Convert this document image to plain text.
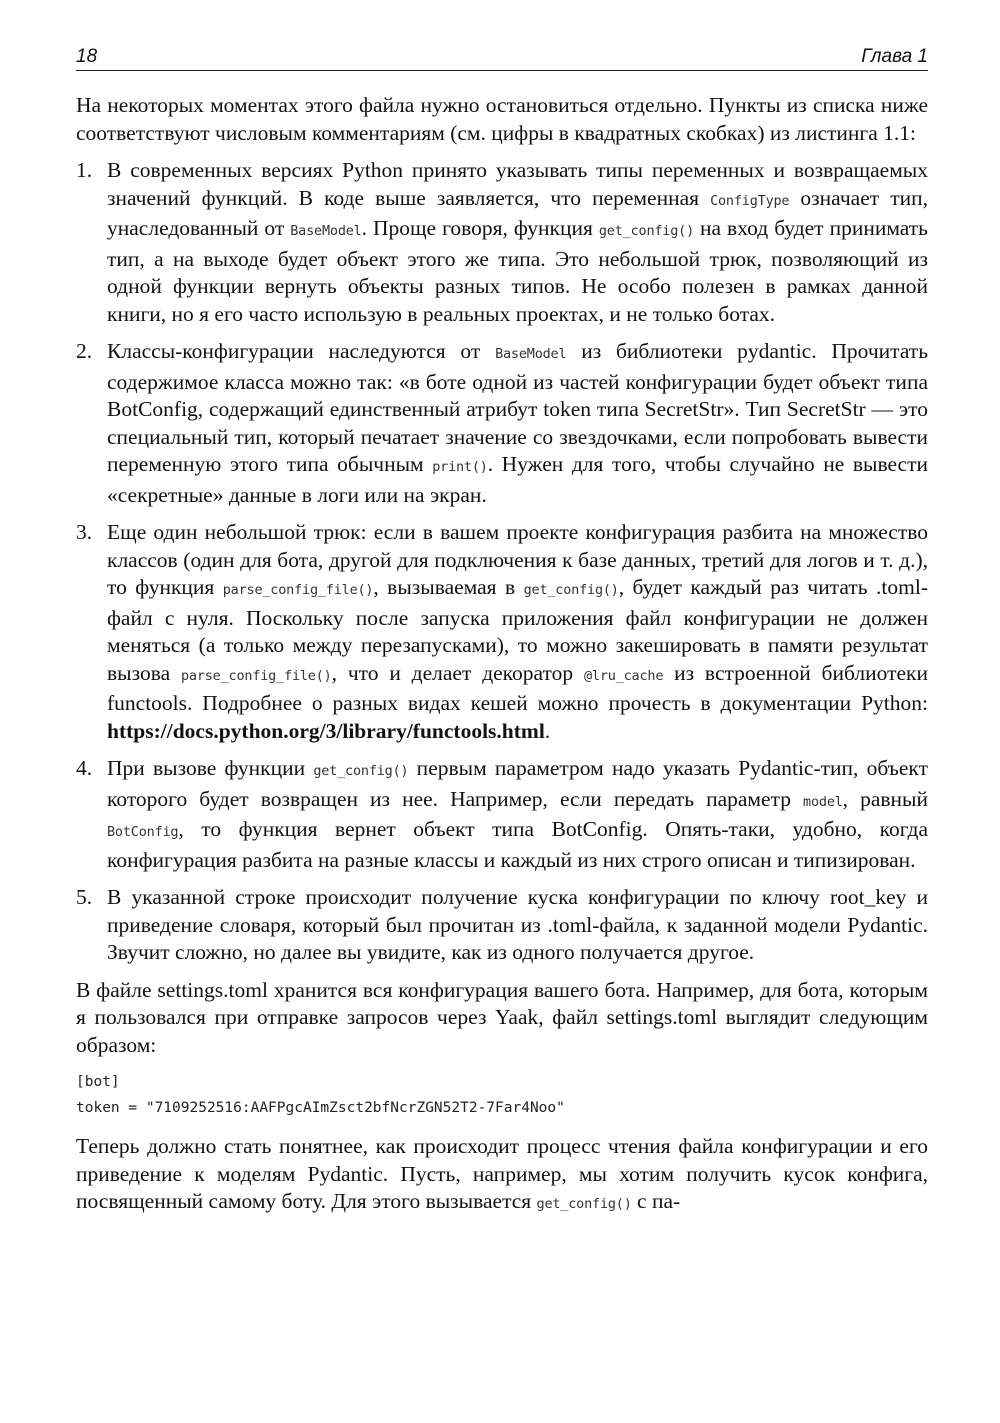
18	Глава 1

На некоторых моментах этого файла нужно остановиться отдельно. Пункты из списка ниже соответствуют числовым комментариям (см. цифры в квадратных скобках) из листинга 1.1:

1. В современных версиях Python принято указывать типы переменных и возвращаемых значений функций. В коде выше заявляется, что переменная ConfigType означает тип, унаследованный от BaseModel. Проще говоря, функция get_config() на вход будет принимать тип, а на выходе будет объект этого же типа. Это небольшой трюк, позволяющий из одной функции вернуть объекты разных типов. Не особо полезен в рамках данной книги, но я его часто использую в реальных проектах, и не только ботах.
2. Классы-конфигурации наследуются от BaseModel из библиотеки pydantic. Прочитать содержимое класса можно так: «в боте одной из частей конфигурации будет объект типа BotConfig, содержащий единственный атрибут token типа SecretStr». Тип SecretStr — это специальный тип, который печатает значение со звездочками, если попробовать вывести переменную этого типа обычным print(). Нужен для того, чтобы случайно не вывести «секретные» данные в логи или на экран.
3. Еще один небольшой трюк: если в вашем проекте конфигурация разбита на множество классов (один для бота, другой для подключения к базе данных, третий для логов и т. д.), то функция parse_config_file(), вызываемая в get_config(), будет каждый раз читать .toml-файл с нуля. Поскольку после запуска приложения файл конфигурации не должен меняться (а только между перезапусками), то можно закешировать в памяти результат вызова parse_config_file(), что и делает декоратор @lru_cache из встроенной библиотеки functools. Подробнее о разных видах кешей можно прочесть в документации Python: https://docs.python.org/3/​library/functools.html.
4. При вызове функции get_config() первым параметром надо указать Pydantic-тип, объект которого будет возвращен из нее. Например, если передать параметр model, равный BotConfig, то функция вернет объект типа BotConfig. Опять-таки, удобно, когда конфигурация разбита на разные классы и каждый из них строго описан и типизирован.
5. В указанной строке происходит получение куска конфигурации по ключу root_key и приведение словаря, который был прочитан из .toml-файла, к заданной модели Pydantic. Звучит сложно, но далее вы увидите, как из одного получается другое.

В файле settings.toml хранится вся конфигурация вашего бота. Например, для бота, которым я пользовался при отправке запросов через Yaak, файл settings.toml выглядит следующим образом:

[bot]
token = "7109252516:AAFPgcAImZsct2bfNcrZGN52T2-7Far4Noo"

Теперь должно стать понятнее, как происходит процесс чтения файла конфигурации и его приведение к моделям Pydantic. Пусть, например, мы хотим получить кусок конфига, посвященный самому боту. Для этого вызывается get_config() с па-
